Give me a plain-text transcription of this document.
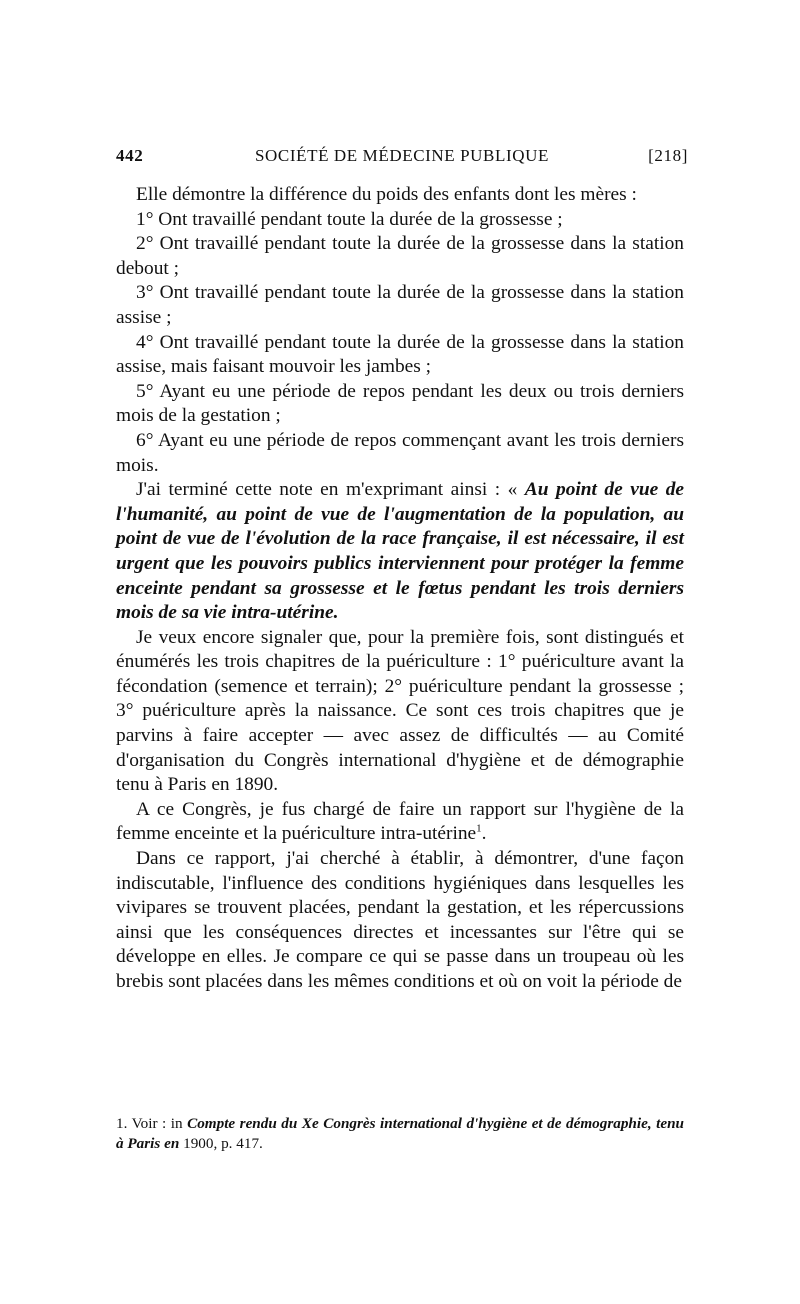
442	SOCIÉTÉ DE MÉDECINE PUBLIQUE	[218]

Elle démontre la différence du poids des enfants dont les mères :

1° Ont travaillé pendant toute la durée de la grossesse ;

2° Ont travaillé pendant toute la durée de la grossesse dans la station debout ;

3° Ont travaillé pendant toute la durée de la grossesse dans la station assise ;

4° Ont travaillé pendant toute la durée de la grossesse dans la station assise, mais faisant mouvoir les jambes ;

5° Ayant eu une période de repos pendant les deux ou trois derniers mois de la gestation ;

6° Ayant eu une période de repos commençant avant les trois derniers mois.

J'ai terminé cette note en m'exprimant ainsi : « Au point de vue de l'humanité, au point de vue de l'augmentation de la population, au point de vue de l'évolution de la race française, il est nécessaire, il est urgent que les pouvoirs publics interviennent pour protéger la femme enceinte pendant sa grossesse et le fœtus pendant les trois derniers mois de sa vie intra-utérine.

Je veux encore signaler que, pour la première fois, sont distingués et énumérés les trois chapitres de la puériculture : 1° puériculture avant la fécondation (semence et terrain); 2° puériculture pendant la grossesse ; 3° puériculture après la naissance. Ce sont ces trois chapitres que je parvins à faire accepter — avec assez de difficultés — au Comité d'organisation du Congrès international d'hygiène et de démographie tenu à Paris en 1890.

A ce Congrès, je fus chargé de faire un rapport sur l'hygiène de la femme enceinte et la puériculture intra-utérine$^1$.

Dans ce rapport, j'ai cherché à établir, à démontrer, d'une façon indiscutable, l'influence des conditions hygiéniques dans lesquelles les vivipares se trouvent placées, pendant la gestation, et les répercussions ainsi que les conséquences directes et incessantes sur l'être qui se développe en elles. Je compare ce qui se passe dans un troupeau où les brebis sont placées dans les mêmes conditions et où on voit la période de

1. Voir : in Compte rendu du Xe Congrès international d'hygiène et de démographie, tenu à Paris en 1900, p. 417.
